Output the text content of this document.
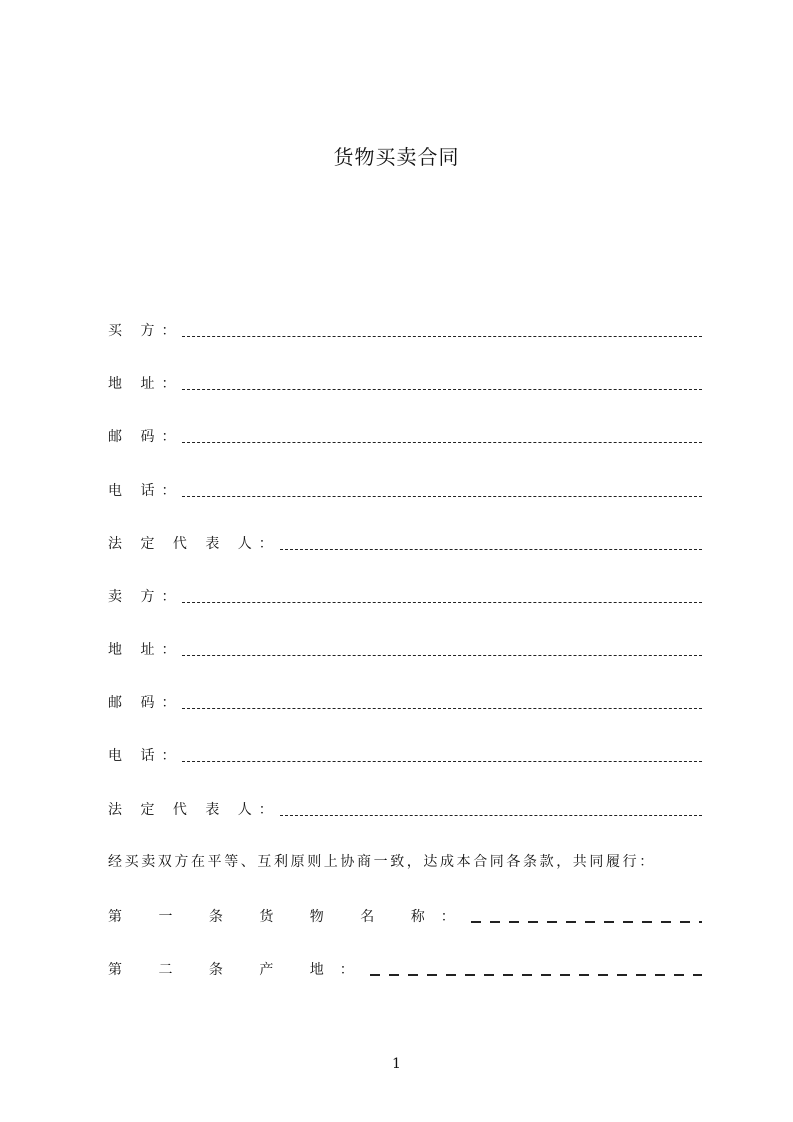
货物买卖合同
买 方：
地 址：
邮 码：
电 话：
法 定 代 表 人：
卖 方：
地 址：
邮 码：
电 话：
法 定 代 表 人：
经买卖双方在平等、互利原则上协商一致，达成本合同各条款，共同履行：
第 一 条 货 物 名 称：
第 二 条 产 地：
1
